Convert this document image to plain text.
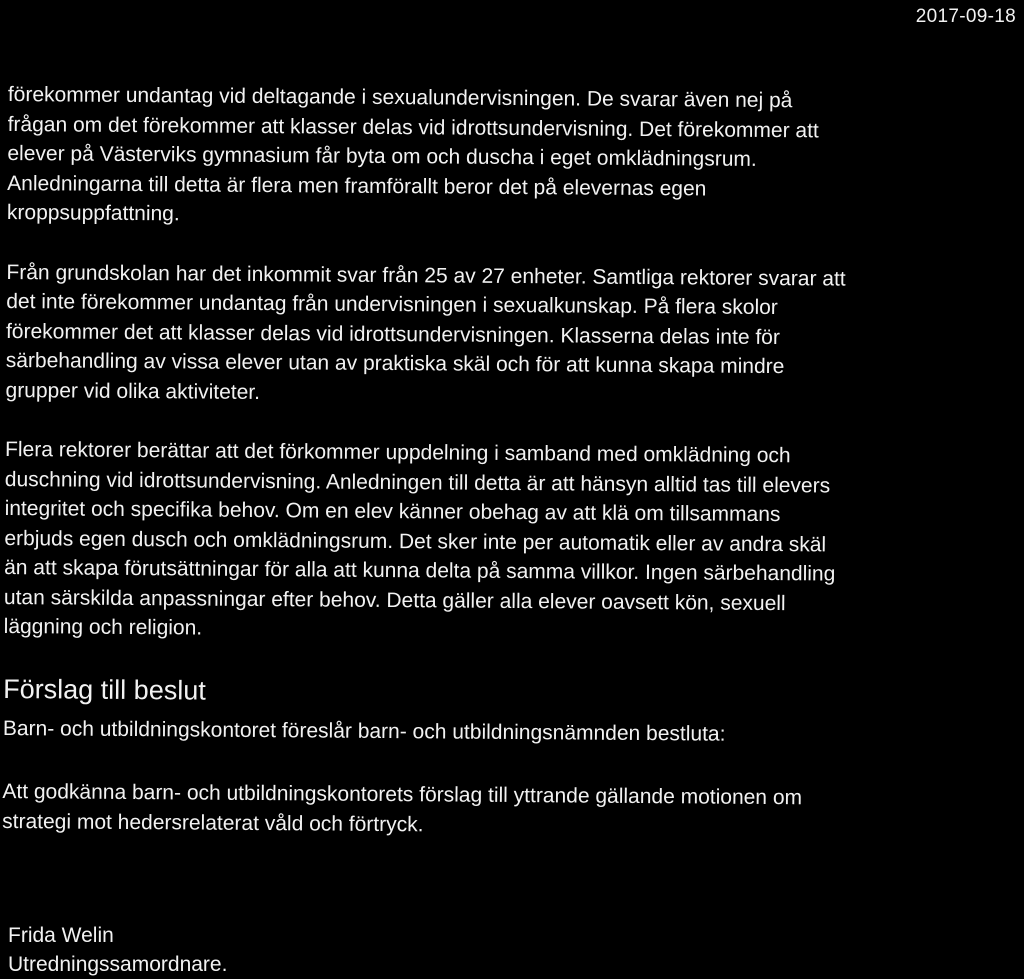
2017-09-18

förekommer undantag vid deltagande i sexualundervisningen. De svarar även nej på
frågan om det förekommer att klasser delas vid idrottsundervisning. Det förekommer att
elever på Västerviks gymnasium får byta om och duscha i eget omklädningsrum.
Anledningarna till detta är flera men framförallt beror det på elevernas egen
kroppsuppfattning.

Från grundskolan har det inkommit svar från 25 av 27 enheter. Samtliga rektorer svarar att
det inte förekommer undantag från undervisningen i sexualkunskap. På flera skolor
förekommer det att klasser delas vid idrottsundervisningen. Klasserna delas inte för
särbehandling av vissa elever utan av praktiska skäl och för att kunna skapa mindre
grupper vid olika aktiviteter.

Flera rektorer berättar att det förkommer uppdelning i samband med omklädning och
duschning vid idrottsundervisning. Anledningen till detta är att hänsyn alltid tas till elevers
integritet och specifika behov. Om en elev känner obehag av att klä om tillsammans
erbjuds egen dusch och omklädningsrum. Det sker inte per automatik eller av andra skäl
än att skapa förutsättningar för alla att kunna delta på samma villkor. Ingen särbehandling
utan särskilda anpassningar efter behov. Detta gäller alla elever oavsett kön, sexuell
läggning och religion.

Förslag till beslut

Barn- och utbildningskontoret föreslår barn- och utbildningsnämnden bestluta:

Att godkänna barn- och utbildningskontorets förslag till yttrande gällande motionen om
strategi mot hedersrelaterat våld och förtryck.

Frida Welin
Utredningssamordnare.
